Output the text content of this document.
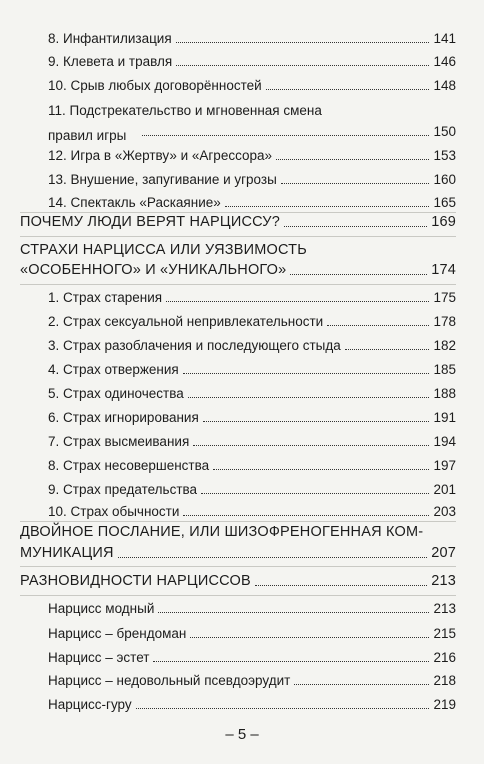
8. Инфантилизация	141
9. Клевета и травля	146
10. Срыв любых договорённостей	148
11. Подстрекательство и мгновенная смена
правил игры	150
12. Игра в «Жертву» и «Агрессора»	153
13. Внушение, запугивание и угрозы	160
14. Спектакль «Раскаяние»	165
ПОЧЕМУ ЛЮДИ ВЕРЯТ НАРЦИССУ?	169
СТРАХИ НАРЦИССА ИЛИ УЯЗВИМОСТЬ
«ОСОБЕННОГО» И «УНИКАЛЬНОГО»	174
1. Страх старения	175
2. Страх сексуальной непривлекательности	178
3. Страх разоблачения и последующего стыда	182
4. Страх отвержения	185
5. Страх одиночества	188
6. Страх игнорирования	191
7. Страх высмеивания	194
8. Страх несовершенства	197
9. Страх предательства	201
10. Страх обычности	203
ДВОЙНОЕ ПОСЛАНИЕ, ИЛИ ШИЗОФРЕНОГЕННАЯ КОМ-
МУНИКАЦИЯ	207
РАЗНОВИДНОСТИ НАРЦИССОВ	213
Нарцисс модный	213
Нарцисс – брендоман	215
Нарцисс – эстет	216
Нарцисс – недовольный псевдоэрудит	218
Нарцисс-гуру	219
– 5 –
